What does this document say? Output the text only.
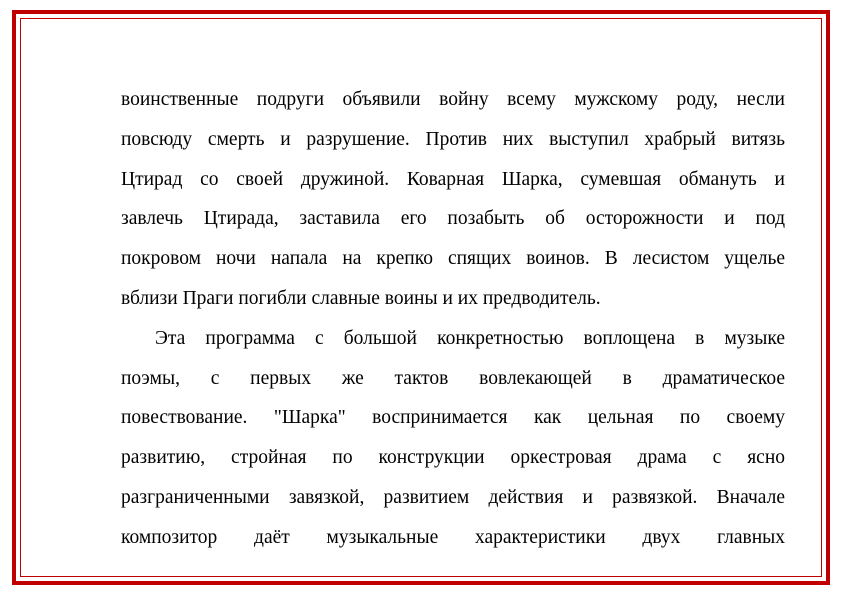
воинственные подруги объявили войну всему мужскому роду, несли
повсюду смерть и разрушение. Против них выступил храбрый витязь
Цтирад со своей дружиной. Коварная Шарка, сумевшая обмануть и
завлечь Цтирада, заставила его позабыть об осторожности и под
покровом ночи напала на крепко спящих воинов. В лесистом ущелье
вблизи Праги погибли славные воины и их предводитель.
Эта программа с большой конкретностью воплощена в музыке
поэмы, с первых же тактов вовлекающей в драматическое
повествование. "Шарка" воспринимается как цельная по своему
развитию, стройная по конструкции оркестровая драма с ясно
разграниченными завязкой, развитием действия и развязкой. Вначале
композитор даёт музыкальные характеристики двух главных
